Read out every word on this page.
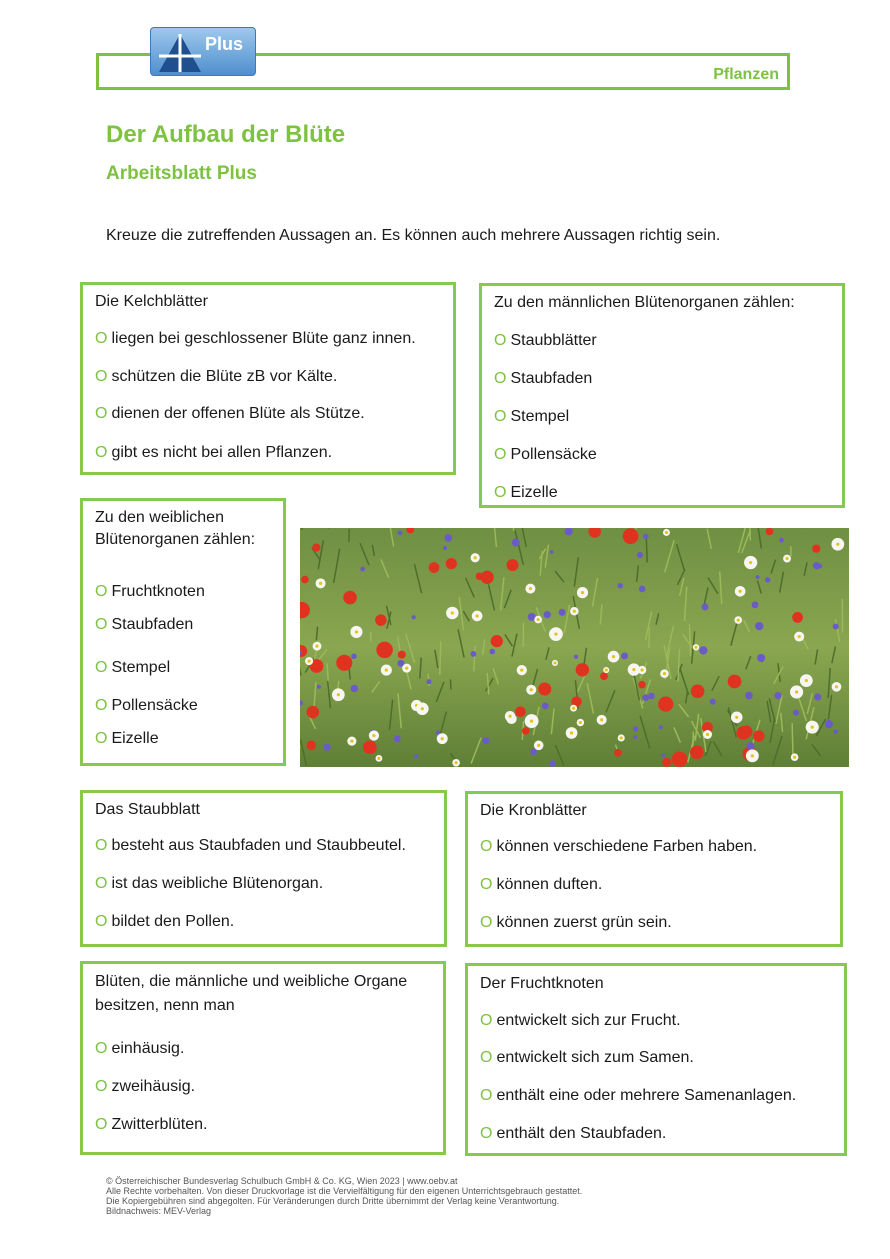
Pflanzen
Plus
Der Aufbau der Blüte
Arbeitsblatt Plus
Kreuze die zutreffenden Aussagen an. Es können auch mehrere Aussagen richtig sein.
Die Kelchblätter
O liegen bei geschlossener Blüte ganz innen.
O schützen die Blüte zB vor Kälte.
O dienen der offenen Blüte als Stütze.
O gibt es nicht bei allen Pflanzen.
Zu den männlichen Blütenorganen zählen:
O Staubblätter
O Staubfaden
O Stempel
O Pollensäcke
O Eizelle
Zu den weiblichen
Blütenorganen zählen:
O Fruchtknoten
O Staubfaden
O Stempel
O Pollensäcke
O Eizelle
Das Staubblatt
O besteht aus Staubfaden und Staubbeutel.
O ist das weibliche Blütenorgan.
O bildet den Pollen.
Die Kronblätter
O können verschiedene Farben haben.
O können duften.
O können zuerst grün sein.
Blüten, die männliche und weibliche Organe
besitzen, nenn man
O einhäusig.
O zweihäusig.
O Zwitterblüten.
Der Fruchtknoten
O entwickelt sich zur Frucht.
O entwickelt sich zum Samen.
O enthält eine oder mehrere Samenanlagen.
O enthält den Staubfaden.
© Österreichischer Bundesverlag Schulbuch GmbH & Co. KG, Wien 2023 | www.oebv.at
Alle Rechte vorbehalten. Von dieser Druckvorlage ist die Vervielfältigung für den eigenen Unterrichtsgebrauch gestattet.
Die Kopiergebühren sind abgegolten. Für Veränderungen durch Dritte übernimmt der Verlag keine Verantwortung.
Bildnachweis: MEV-Verlag
